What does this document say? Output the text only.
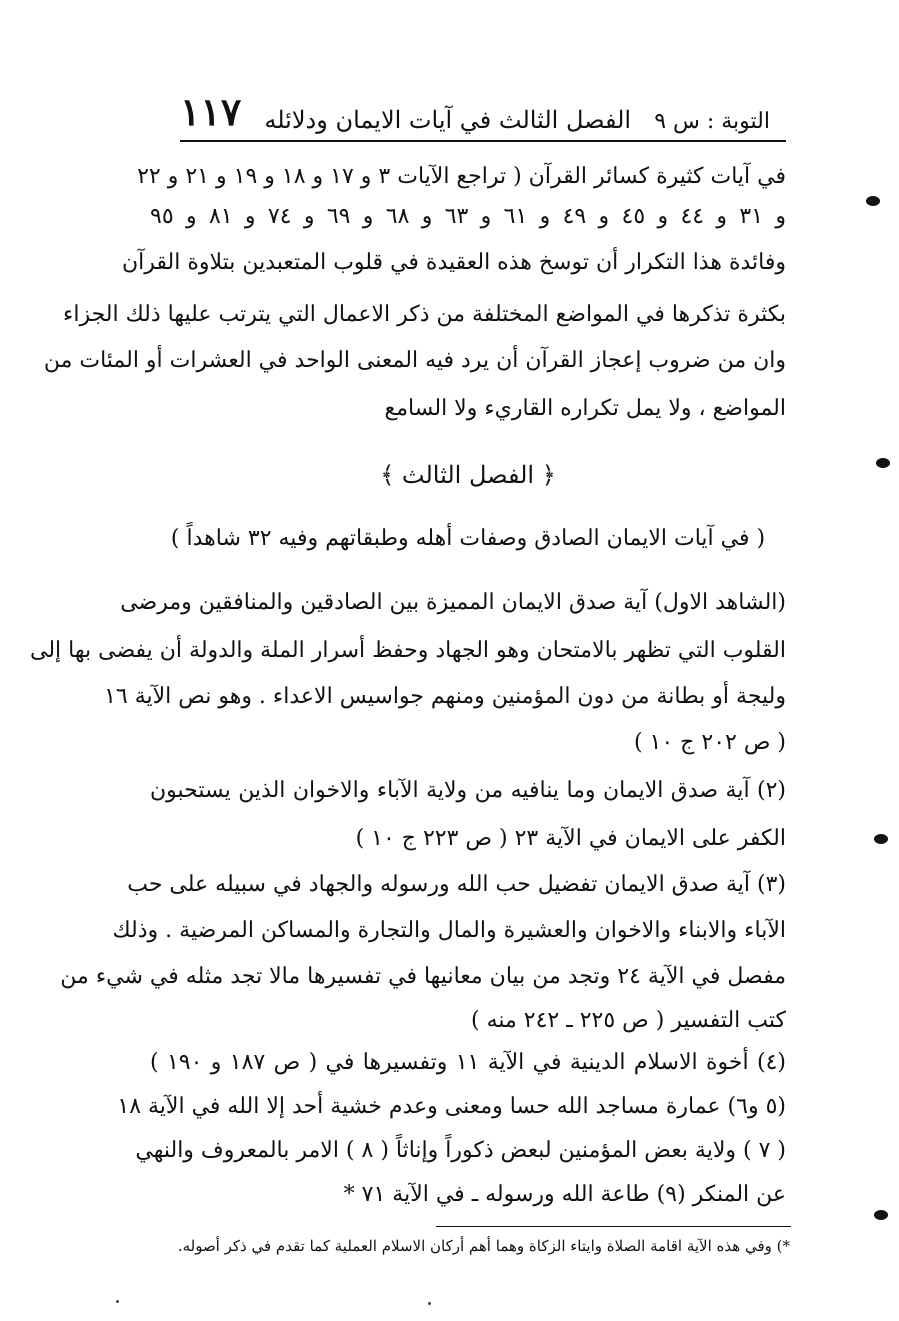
التوبة : س ٩
الفصل الثالث في آيات الايمان ودلائله
١١٧
في آيات كثيرة كسائر القرآن ( تراجع الآيات ٣ و ١٧ و ١٨ و ١٩ و ٢١ و ٢٢
و ٣١ و ٤٤ و ٤٥ و ٤٩ و ٦١ و ٦٣ و ٦٨ و ٦٩ و ٧٤ و ٨١ و ٩٥
وفائدة هذا التكرار أن توسخ هذه العقيدة في قلوب المتعبدين بتلاوة القرآن
بكثرة تذكرها في المواضع المختلفة من ذكر الاعمال التي يترتب عليها ذلك الجزاء
وان من ضروب إعجاز القرآن أن يرد فيه المعنى الواحد في العشرات أو المئات من
المواضع ، ولا يمل تكراره القاريء ولا السامع
﴿ الفصل الثالث ﴾
( في آيات الايمان الصادق وصفات أهله وطبقاتهم وفيه ٣٢ شاهداً )
(الشاهد الاول) آية صدق الايمان المميزة بين الصادقين والمنافقين ومرضى
القلوب التي تظهر بالامتحان وهو الجهاد وحفظ أسرار الملة والدولة أن يفضى بها إلى
وليجة أو بطانة من دون المؤمنين ومنهم جواسيس الاعداء . وهو نص الآية ١٦
( ص ٢٠٢ ج ١٠ )
(٢) آية صدق الايمان وما ينافيه من ولاية الآباء والاخوان الذين يستحبون
الكفر على الايمان في الآية ٢٣ ( ص ٢٢٣ ج ١٠ )
(٣) آية صدق الايمان تفضيل حب الله ورسوله والجهاد في سبيله على حب
الآباء والابناء والاخوان والعشيرة والمال والتجارة والمساكن المرضية . وذلك
مفصل في الآية ٢٤ وتجد من بيان معانيها في تفسيرها مالا تجد مثله في شيء من
كتب التفسير ( ص ٢٢٥ ـ ٢٤٢ منه )
(٤) أخوة الاسلام الدينية في الآية ١١ وتفسيرها في ( ص ١٨٧ و ١٩٠ )
(٥ و٦) عمارة مساجد الله حسا ومعنى وعدم خشية أحد إلا الله في الآية ١٨
( ٧ ) ولاية بعض المؤمنين لبعض ذكوراً وإناثاً ( ٨ ) الامر بالمعروف والنهي
عن المنكر (٩) طاعة الله ورسوله ـ في الآية ٧١ *
*) وفي هذه الآية اقامة الصلاة وايتاء الزكاة وهما أهم أركان الاسلام العملية كما تقدم في ذكر أصوله.
